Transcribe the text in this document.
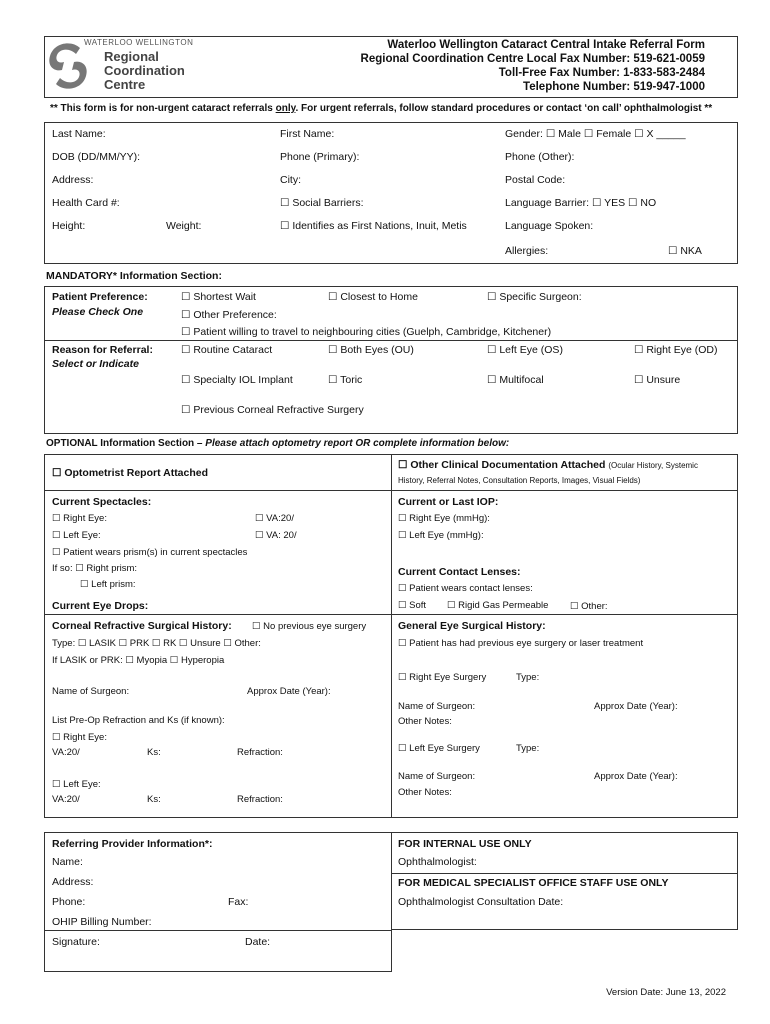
WATERLOO WELLINGTON
Regional
Coordination
Centre
Waterloo Wellington Cataract Central Intake Referral Form
Regional Coordination Centre Local Fax Number: 519-621-0059
Toll-Free Fax Number: 1-833-583-2484
Telephone Number: 519-947-1000
** This form is for non-urgent cataract referrals only. For urgent referrals, follow standard procedures or contact ‘on call’ ophthalmologist **
Last Name:	First Name:	Gender: ☐ Male ☐ Female ☐ X _____
DOB (DD/MM/YY):	Phone (Primary):	Phone (Other):
Address:	City:	Postal Code:
Health Card #:	☐ Social Barriers:	Language Barrier: ☐ YES ☐ NO
Height:	Weight:	☐ Identifies as First Nations, Inuit, Metis	Language Spoken:
Allergies:	☐ NKA
MANDATORY* Information Section:
Patient Preference:
Please Check One
☐ Shortest Wait	☐ Closest to Home	☐ Specific Surgeon:
☐ Other Preference:
☐ Patient willing to travel to neighbouring cities (Guelph, Cambridge, Kitchener)
Reason for Referral:
Select or Indicate
☐ Routine Cataract	☐ Both Eyes (OU)	☐ Left Eye (OS)	☐ Right Eye (OD)
☐ Specialty IOL Implant	☐ Toric	☐ Multifocal	☐ Unsure
☐ Previous Corneal Refractive Surgery
OPTIONAL Information Section – Please attach optometry report OR complete information below:
☐ Optometrist Report Attached
☐ Other Clinical Documentation Attached (Ocular History, Systemic
History, Referral Notes, Consultation Reports, Images, Visual Fields)
Current Spectacles:
☐ Right Eye:	☐ VA:20/
☐ Left Eye:	☐ VA: 20/
☐ Patient wears prism(s) in current spectacles
If so: ☐ Right prism:
☐ Left prism:
Current Eye Drops:
Current or Last IOP:
☐ Right Eye (mmHg):
☐ Left Eye (mmHg):
Current Contact Lenses:
☐ Patient wears contact lenses:
☐ Soft ☐ Rigid Gas Permeable ☐ Other:
Corneal Refractive Surgical History: ☐ No previous eye surgery
Type: ☐ LASIK ☐ PRK ☐ RK ☐ Unsure ☐ Other:
If LASIK or PRK: ☐ Myopia ☐ Hyperopia
Name of Surgeon:	Approx Date (Year):
List Pre-Op Refraction and Ks (if known):
☐ Right Eye:
VA:20/	Ks:	Refraction:
☐ Left Eye:
VA:20/	Ks:	Refraction:
General Eye Surgical History:
☐ Patient has had previous eye surgery or laser treatment
☐ Right Eye Surgery	Type:
Name of Surgeon:	Approx Date (Year):
Other Notes:
☐ Left Eye Surgery	Type:
Name of Surgeon:	Approx Date (Year):
Other Notes:
Referring Provider Information*:
Name:
Address:
Phone:	Fax:
OHIP Billing Number:
Signature:	Date:
FOR INTERNAL USE ONLY
Ophthalmologist:
FOR MEDICAL SPECIALIST OFFICE STAFF USE ONLY
Ophthalmologist Consultation Date:
Version Date: June 13, 2022
